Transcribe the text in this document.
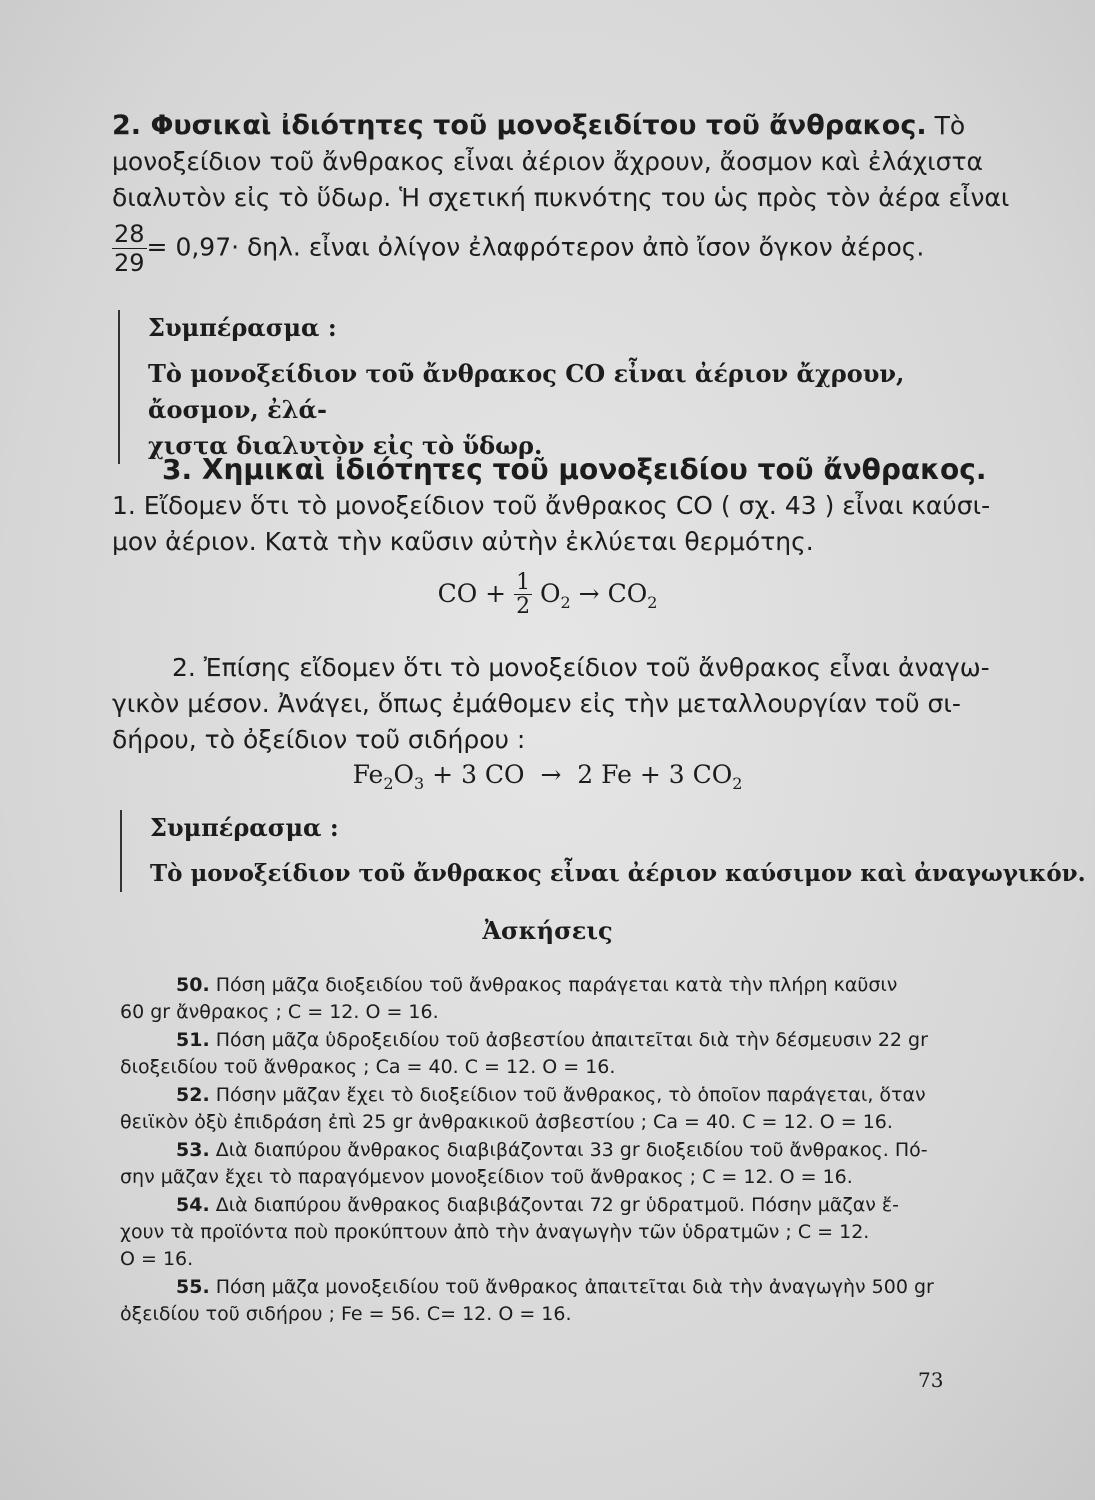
2. Φυσικαὶ ἰδιότητες τοῦ μονοξειδίτου τοῦ ἄνθρακος. Τὸ
μονοξείδιον τοῦ ἄνθρακος εἶναι ἀέριον ἄχρουν, ἄοσμον καὶ ἐλάχιστα
διαλυτὸν εἰς τὸ ὕδωρ. Ἡ σχετική πυκνότης του ὡς πρὸς τὸν ἀέρα εἶναι
$\frac{28}{29} = 0,97\cdot \delta\eta\lambda$. εἶναι ὀλίγον ἐλαφρότερον ἀπὸ ἴσον ὄγκον ἀέρος.
Συμπέρασμα :
Τὸ μονοξείδιον τοῦ ἄνθρακος CO εἶναι ἀέριον ἄχρουν, ἄοσμον, ἐλά-
χιστα διαλυτὸν εἰς τὸ ὕδωρ.
3. Χημικαὶ ἰδιότητες τοῦ μονοξειδίου τοῦ ἄνθρακος.
1. Εἴδομεν ὅτι τὸ μονοξείδιον τοῦ ἄνθρακος CO ( σχ. 43 ) εἶναι καύσι-
μον ἀέριον. Κατὰ τὴν καῦσιν αὐτὴν ἐκλύεται θερμότης.
CO + $\frac{1}{2} O_2 \to CO_2$
2. Ἐπίσης εἴδομεν ὅτι τὸ μονοξείδιον τοῦ ἄνθρακος εἶναι ἀναγω-
γικὸν μέσον. Ἀνάγει, ὅπως ἐμάθομεν εἰς τὴν μεταλλουργίαν τοῦ σι-
δήρου, τὸ ὀξείδιον τοῦ σιδήρου :
$Fe_2O_3 + 3$ CO  →  2 Fe + 3 $CO_2$
Συμπέρασμα :
Τὸ μονοξείδιον τοῦ ἄνθρακος εἶναι ἀέριον καύσιμον καὶ ἀναγωγικόν.
Ἀσκήσεις
50. Πόση μᾶζα διοξειδίου τοῦ ἄνθρακος παράγεται κατὰ τὴν πλήρη καῦσιν
60 gr ἄνθρακος ; C = 12. O = 16.
51. Πόση μᾶζα ὑδροξειδίου τοῦ ἀσβεστίου ἀπαιτεῖται διὰ τὴν δέσμευσιν 22 gr
διοξειδίου τοῦ ἄνθρακος ; Ca = 40. C = 12. O = 16.
52. Πόσην μᾶζαν ἔχει τὸ διοξείδιον τοῦ ἄνθρακος, τὸ ὁποῖον παράγεται, ὅταν
θειϊκὸν ὀξὺ ἐπιδράση ἐπὶ 25 gr ἀνθρακικοῦ ἀσβεστίου ; Ca = 40. C = 12. O = 16.
53. Διὰ διαπύρου ἄνθρακος διαβιβάζονται 33 gr διοξειδίου τοῦ ἄνθρακος. Πό-
σην μᾶζαν ἔχει τὸ παραγόμενον μονοξείδιον τοῦ ἄνθρακος ; C = 12. O = 16.
54. Διὰ διαπύρου ἄνθρακος διαβιβάζονται 72 gr ὑδρατμοῦ. Πόσην μᾶζαν ἔ-
χουν τὰ προϊόντα ποὺ προκύπτουν ἀπὸ τὴν ἀναγωγὴν τῶν ὑδρατμῶν ; C = 12.
O = 16.
55. Πόση μᾶζα μονοξειδίου τοῦ ἄνθρακος ἀπαιτεῖται διὰ τὴν ἀναγωγὴν 500 gr
ὀξειδίου τοῦ σιδήρου ; Fe = 56. C= 12. O = 16.
73
